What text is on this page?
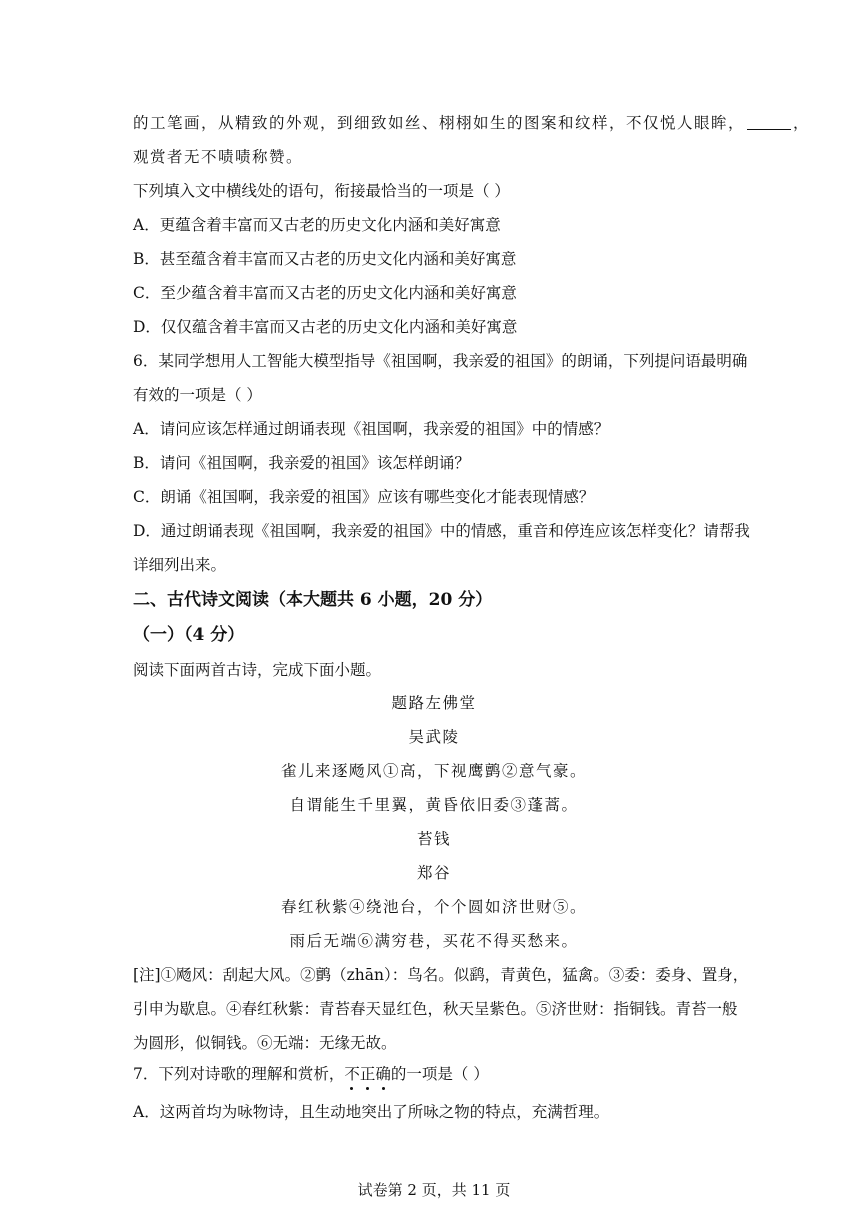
的工笔画，从精致的外观，到细致如丝、栩栩如生的图案和纹样，不仅悦人眼眸，	，
观赏者无不啧啧称赞。
下列填入文中横线处的语句，衔接最恰当的一项是（ ）
A．更蕴含着丰富而又古老的历史文化内涵和美好寓意
B．甚至蕴含着丰富而又古老的历史文化内涵和美好寓意
C．至少蕴含着丰富而又古老的历史文化内涵和美好寓意
D．仅仅蕴含着丰富而又古老的历史文化内涵和美好寓意
6．某同学想用人工智能大模型指导《祖国啊，我亲爱的祖国》的朗诵，下列提问语最明确
有效的一项是（ ）
A．请问应该怎样通过朗诵表现《祖国啊，我亲爱的祖国》中的情感？
B．请问《祖国啊，我亲爱的祖国》该怎样朗诵？
C．朗诵《祖国啊，我亲爱的祖国》应该有哪些变化才能表现情感？
D．通过朗诵表现《祖国啊，我亲爱的祖国》中的情感，重音和停连应该怎样变化？请帮我
详细列出来。
二、古代诗文阅读（本大题共 6 小题，20 分）
（一）（4 分）
阅读下面两首古诗，完成下面小题。
题路左佛堂
吴武陵
雀儿来逐飏风①高，下视鹰鹯②意气豪。
自谓能生千里翼，黄昏依旧委③蓬蒿。
苔钱
郑谷
春红秋紫④绕池台，个个圆如济世财⑤。
雨后无端⑥满穷巷，买花不得买愁来。
[注]①飏风：刮起大风。②鹯（zhān）：鸟名。似鹞，青黄色，猛禽。③委：委身、置身，
引申为歇息。④春红秋紫：青苔春天显红色，秋天呈紫色。⑤济世财：指铜钱。青苔一般
为圆形，似铜钱。⑥无端：无缘无故。
7．下列对诗歌的理解和赏析，不正确
的一项是（ ）
A．这两首均为咏物诗，且生动地突出了所咏之物的特点，充满哲理。
试卷第 2 页，共 11 页
